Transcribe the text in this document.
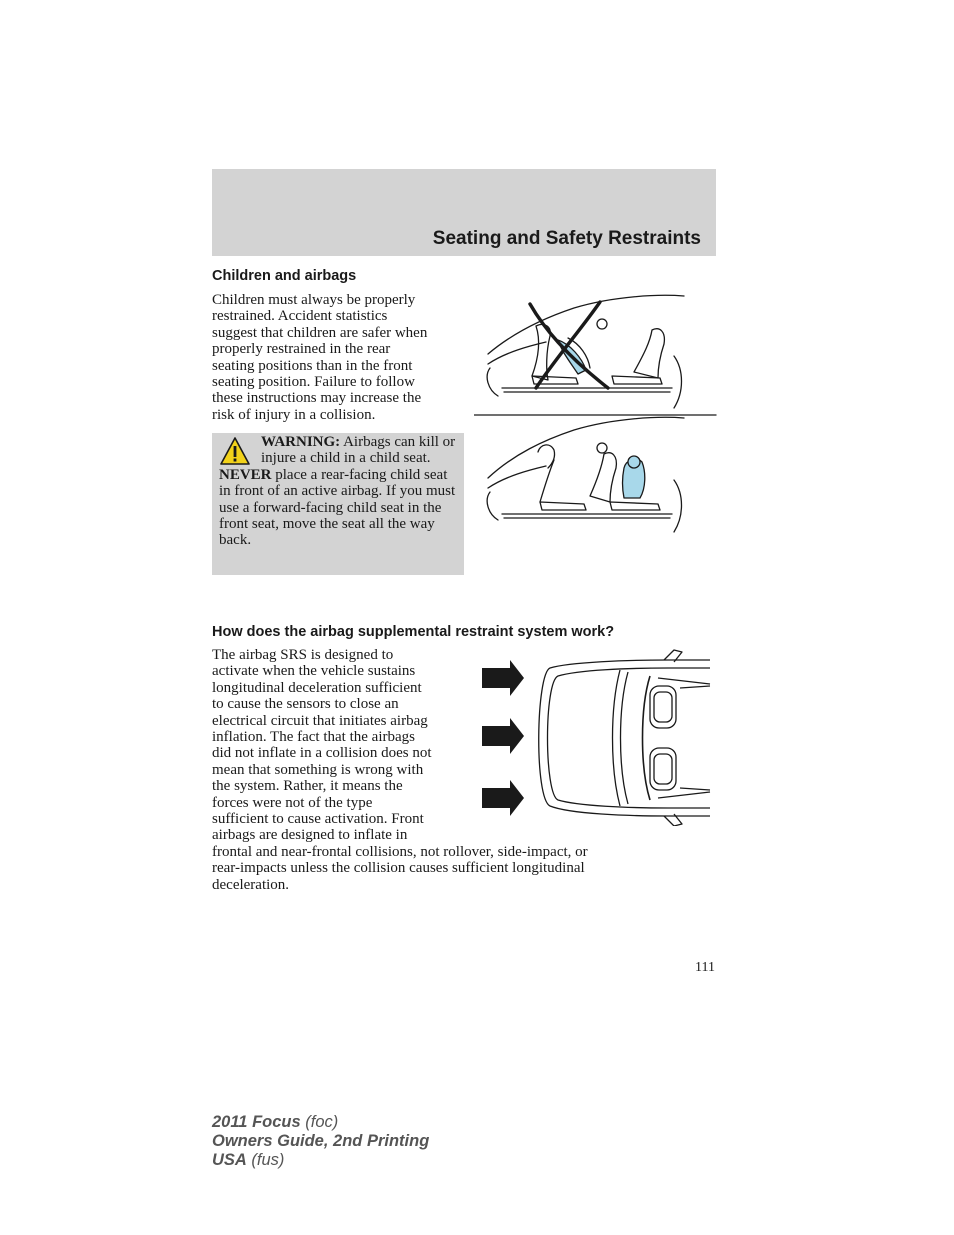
Seating and Safety Restraints
Children and airbags
Children must always be properly
restrained. Accident statistics
suggest that children are safer when
properly restrained in the rear
seating positions than in the front
seating position. Failure to follow
these instructions may increase the
risk of injury in a collision.
WARNING: Airbags can kill or injure a child in a child seat. NEVER place a rear-facing child seat in front of an active airbag. If you must use a forward-facing child seat in the front seat, move the seat all the way back.
How does the airbag supplemental restraint system work?
The airbag SRS is designed to
activate when the vehicle sustains
longitudinal deceleration sufficient
to cause the sensors to close an
electrical circuit that initiates airbag
inflation. The fact that the airbags
did not inflate in a collision does not
mean that something is wrong with
the system. Rather, it means the
forces were not of the type
sufficient to cause activation. Front
airbags are designed to inflate in
frontal and near-frontal collisions, not rollover, side-impact, or
rear-impacts unless the collision causes sufficient longitudinal
deceleration.
111
2011 Focus (foc)
Owners Guide, 2nd Printing
USA (fus)
